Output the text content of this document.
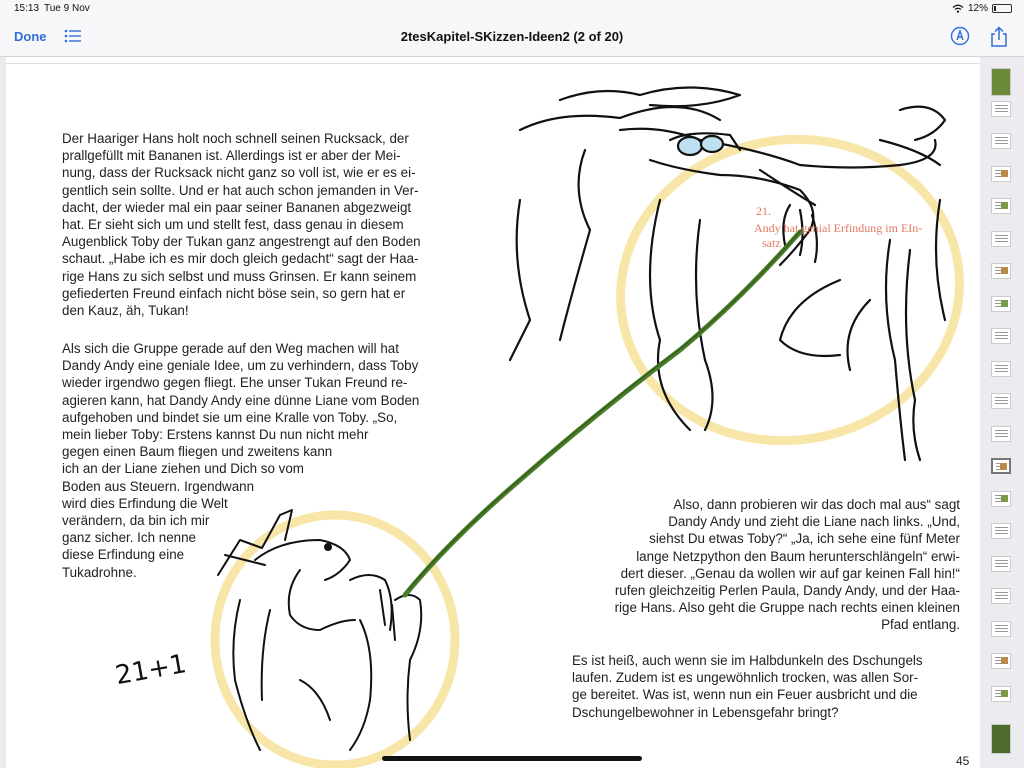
15:13 Tue 9 Nov	12%
Done	2tesKapitel-SKizzen-Ideen2 (2 of 20)
21+1
21.
Andy hat genial Erfindung im EIn-
satz
Der Haariger Hans holt noch schnell seinen Rucksack, der
prallgefüllt mit Bananen ist. Allerdings ist er aber der Mei-
nung, dass der Rucksack nicht ganz so voll ist, wie er es ei-
gentlich sein sollte. Und er hat auch schon jemanden in Ver-
dacht, der wieder mal ein paar seiner Bananen abgezweigt
hat. Er sieht sich um und stellt fest, dass genau in diesem
Augenblick Toby der Tukan ganz angestrengt auf den Boden
schaut. „Habe ich es mir doch gleich gedacht“ sagt der Haa-
rige Hans zu sich selbst und muss Grinsen. Er kann seinem
gefiederten Freund einfach nicht böse sein, so gern hat er
den Kauz, äh, Tukan!
Als sich die Gruppe gerade auf den Weg machen will hat
Dandy Andy eine geniale Idee, um zu verhindern, dass Toby
wieder irgendwo gegen fliegt. Ehe unser Tukan Freund re-
agieren kann, hat Dandy Andy eine dünne Liane vom Boden
aufgehoben und bindet sie um eine Kralle von Toby. „So,
mein lieber Toby: Erstens kannst Du nun nicht mehr
gegen einen Baum fliegen und zweitens kann
ich an der Liane ziehen und Dich so vom
Boden aus Steuern. Irgendwann
wird dies Erfindung die Welt
verändern, da bin ich mir
ganz sicher. Ich nenne
diese Erfindung eine
Tukadrohne.
Also, dann probieren wir das doch mal aus“ sagt
Dandy Andy und zieht die Liane nach links. „Und,
siehst Du etwas Toby?“ „Ja, ich sehe eine fünf Meter
lange Netzpython den Baum herunterschlängeln“ erwi-
dert dieser. „Genau da wollen wir auf gar keinen Fall hin!“
rufen gleichzeitig Perlen Paula, Dandy Andy, und der Haa-
rige Hans. Also geht die Gruppe nach rechts einen kleinen
Pfad entlang.
Es ist heiß, auch wenn sie im Halbdunkeln des Dschungels
laufen. Zudem ist es ungewöhnlich trocken, was allen Sor-
ge bereitet. Was ist, wenn nun ein Feuer ausbricht und die
Dschungelbewohner in Lebensgefahr bringt?
45
